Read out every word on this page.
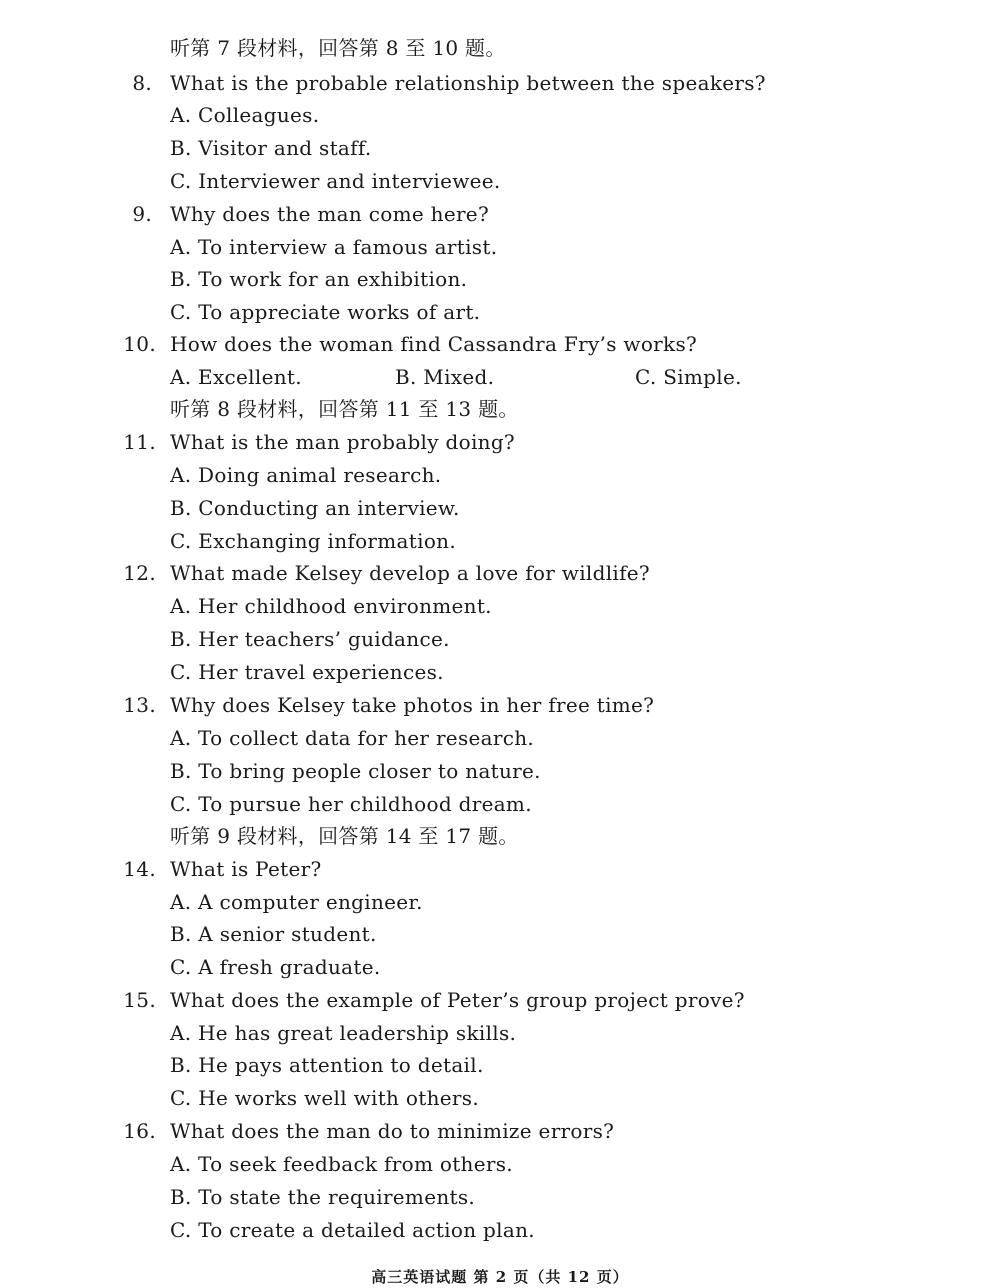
听第 7 段材料，回答第 8 至 10 题。
8. What is the probable relationship between the speakers?
A. Colleagues.
B. Visitor and staff.
C. Interviewer and interviewee.
9. Why does the man come here?
A. To interview a famous artist.
B. To work for an exhibition.
C. To appreciate works of art.
10. How does the woman find Cassandra Fry’s works?
A. Excellent.	B. Mixed.	C. Simple.
听第 8 段材料，回答第 11 至 13 题。
11. What is the man probably doing?
A. Doing animal research.
B. Conducting an interview.
C. Exchanging information.
12. What made Kelsey develop a love for wildlife?
A. Her childhood environment.
B. Her teachers’ guidance.
C. Her travel experiences.
13. Why does Kelsey take photos in her free time?
A. To collect data for her research.
B. To bring people closer to nature.
C. To pursue her childhood dream.
听第 9 段材料，回答第 14 至 17 题。
14. What is Peter?
A. A computer engineer.
B. A senior student.
C. A fresh graduate.
15. What does the example of Peter’s group project prove?
A. He has great leadership skills.
B. He pays attention to detail.
C. He works well with others.
16. What does the man do to minimize errors?
A. To seek feedback from others.
B. To state the requirements.
C. To create a detailed action plan.
高三英语试题 第 2 页（共 12 页）
